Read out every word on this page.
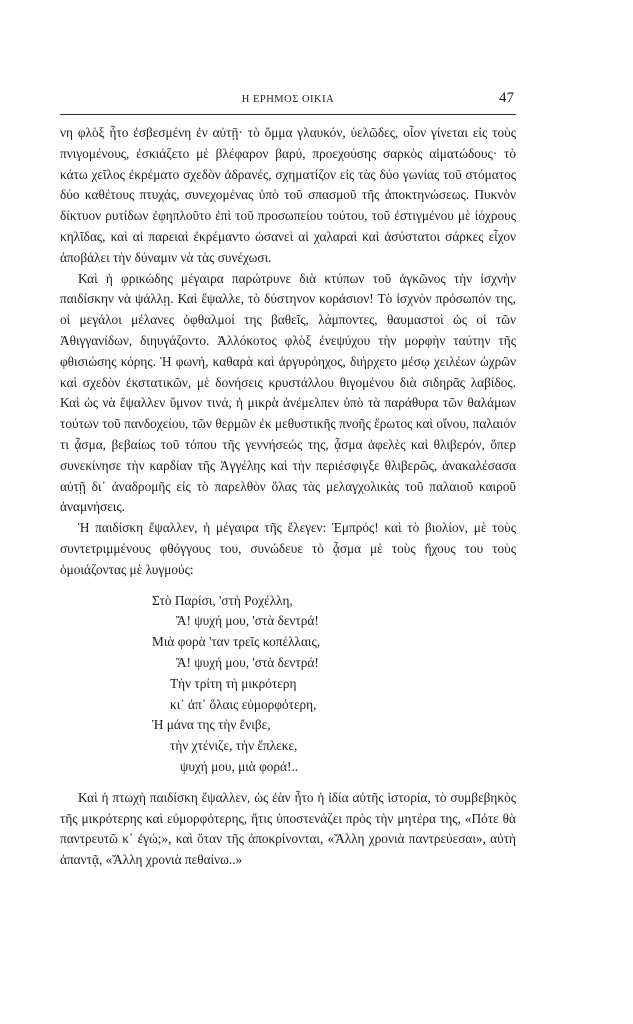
Η ΕΡΗΜΟΣ ΟΙΚΙΑ	47

νη φλὸξ ἦτο ἐσβεσμένη ἐν αὐτῇ· τὸ ὄμμα γλαυκόν, ὑελῶδες, οἷον γίνεται εἰς τοὺς πνιγομένους, ἐσκιάζετο μὲ βλέφαρον βαρύ, προεχούσης σαρκὸς αἱματώδους· τὸ κάτω χεῖλος ἐκρέματο σχεδὸν ἀδρανές, σχηματίζον εἰς τὰς δύο γωνίας τοῦ στόματος δύο καθέτους πτυχάς, συνεχομένας ὑπὸ τοῦ σπασμοῦ τῆς ἀποκτηνώσεως. Πυκνὸν δίκτυον ρυτίδων ἐφηπλοῦτο ἐπὶ τοῦ προσωπείου τούτου, τοῦ ἐστιγμένου μὲ ἰόχρους κηλῖδας, καὶ αἱ παρειαὶ ἐκρέμαντο ὡσανεὶ αἱ χαλαραὶ καὶ ἀσύστατοι σάρκες εἶχον ἀποβάλει τὴν δύναμιν νὰ τὰς συνέχωσι.

Καὶ ἡ φρικώδης μέγαιρα παρώτρυνε διὰ κτύπων τοῦ ἀγκῶνος τὴν ἰσχνὴν παιδίσκην νὰ ψάλλῃ. Καὶ ἔψαλλε, τὸ δύστηνον κοράσιον! Τὸ ἰσχνὸν πρόσωπόν της, οἱ μεγάλοι μέλανες ὀφθαλμοί της βαθεῖς, λάμποντες, θαυμαστοὶ ὡς οἱ τῶν Ἀθιγγανίδων, διηυγάζοντο. Ἀλλόκοτος φλὸξ ἐνεψύχου τὴν μορφὴν ταύτην τῆς φθισιώσης κόρης. Ἡ φωνή, καθαρὰ καὶ ἀργυρόηχος, διήρχετο μέσῳ χειλέων ὠχρῶν καὶ σχεδὸν ἐκστατικῶν, μὲ δονήσεις κρυστάλλου θιγομένου διὰ σιδηρᾶς λαβίδος. Καὶ ὡς νὰ ἔψαλλεν ὕμνον τινά, ἡ μικρὰ ἀνέμελπεν ὑπὸ τὰ παράθυρα τῶν θαλάμων τούτων τοῦ πανδοχείου, τῶν θερμῶν ἐκ μεθυστικῆς πνοῆς ἔρωτος καὶ οἴνου, παλαιόν τι ᾆσμα, βεβαίως τοῦ τόπου τῆς γεννήσεώς της, ᾆσμα ἀφελὲς καὶ θλιβερόν, ὅπερ συνεκίνησε τὴν καρδίαν τῆς Ἀγγέλης καὶ τὴν περιέσφιγξε θλιβερῶς, ἀνακαλέσασα αὐτῇ δι᾽ ἀναδρομῆς εἰς τὸ παρελθὸν ὅλας τὰς μελαγχολικὰς τοῦ παλαιοῦ καιροῦ ἀναμνήσεις.

Ἡ παιδίσκη ἔψαλλεν, ἡ μέγαιρα τῆς ἔλεγεν: Ἐμπρός! καὶ τὸ βιολίον, μὲ τοὺς συντετριμμένους φθόγγους του, συνώδευε τὸ ᾆσμα μὲ τοὺς ἤχους του τοὺς ὁμοιάζοντας μὲ λυγμούς:

Στὸ Παρίσι, 'στὴ Ροχέλλη,
Ἄ! ψυχή μου, 'στὰ δεντρά!
Μιὰ φορὰ 'ταν τρεῖς κοπέλλαις,
Ἄ! ψυχή μου, 'στὰ δεντρά!
Τὴν τρίτη τὴ μικρότερη
κι᾽ ἀπ᾽ ὅλαις εὐμορφότερη,
Ἡ μάνα της τὴν ἔνιβε,
τὴν χτένιζε, τὴν ἔπλεκε,
ψυχή μου, μιὰ φορά!..

Καὶ ἡ πτωχὴ παιδίσκη ἔψαλλεν, ὡς ἐὰν ἦτο ἡ ἰδία αὐτῆς ἱστορία, τὸ συμβεβηκὸς τῆς μικρότερης καὶ εὐμορφότερης, ἥτις ὑποστενάζει πρὸς τὴν μητέρα της, «Πότε θὰ παντρευτῶ κ᾽ ἐγώ;», καὶ ὅταν τῆς ἀποκρίνονται, «Ἄλλη χρονιὰ παντρεύεσαι», αὐτὴ ἀπαντᾷ, «Ἄλλη χρονιὰ πεθαίνω..»
